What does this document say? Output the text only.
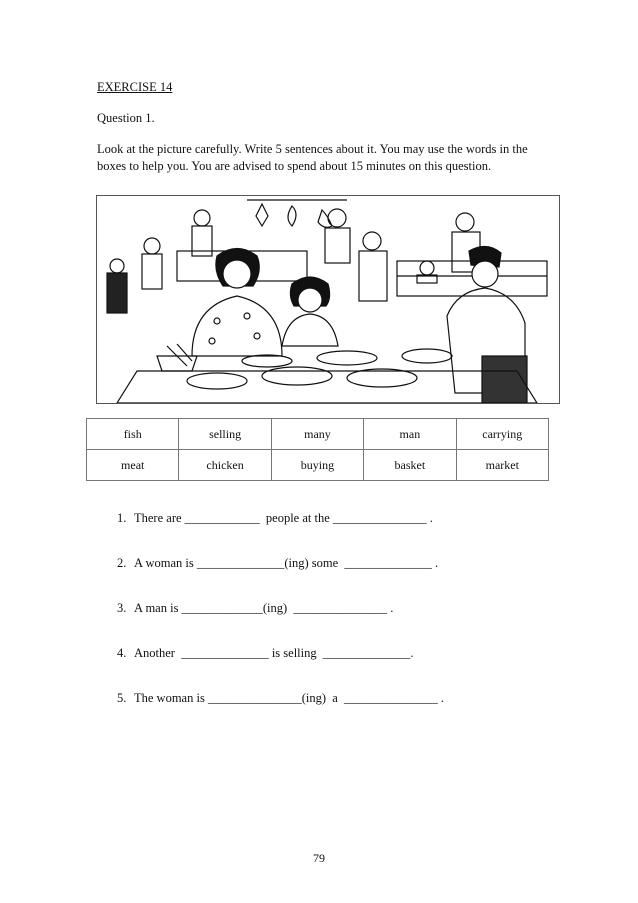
EXERCISE 14
Question 1.
Look at the picture carefully. Write 5 sentences about it. You may use the words in the boxes to help you. You are advised to spend about 15 minutes on this question.
fish	selling	many	man	carrying
meat	chicken	buying	basket	market
1. There are ____________  people at the _______________ .
2. A woman is ______________(ing) some  ______________ .
3. A man is _____________(ing)  _______________ .
4. Another  ______________ is selling  ______________.
5. The woman is _______________(ing)  a  _______________ .
79
